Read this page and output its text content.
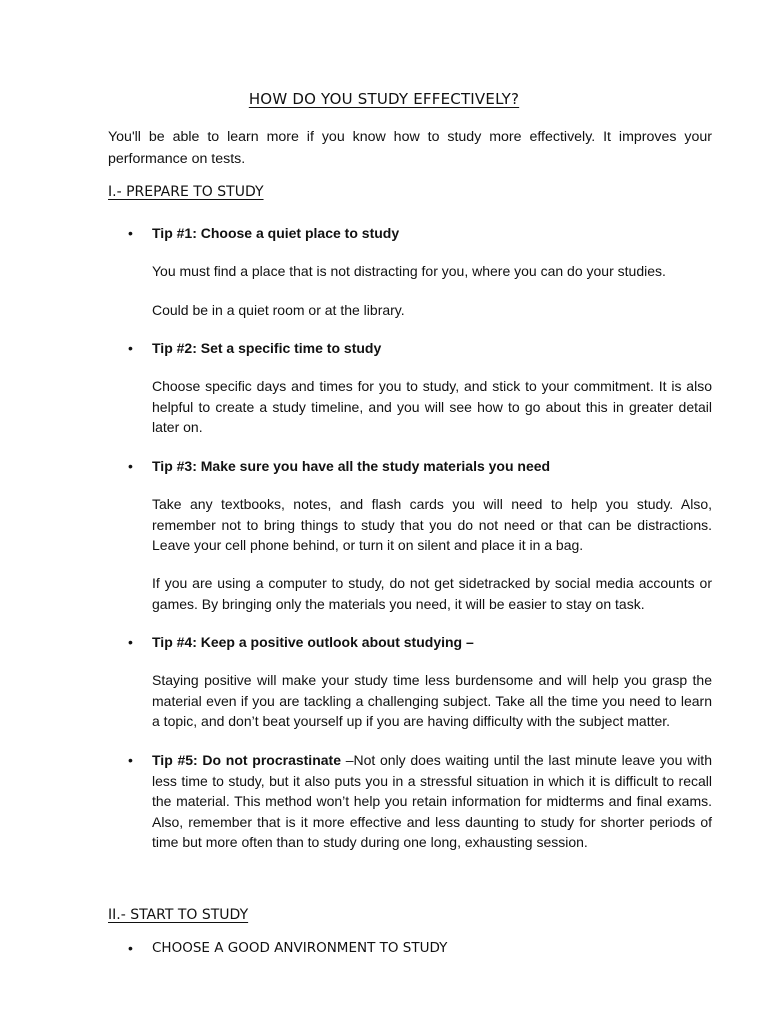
HOW DO YOU STUDY EFFECTIVELY?

You'll be able to learn more if you know how to study more effectively. It improves your performance on tests.

I.- PREPARE TO STUDY

• Tip #1: Choose a quiet place to study

You must find a place that is not distracting for you, where you can do your studies.

Could be in a quiet room or at the library.

• Tip #2: Set a specific time to study

Choose specific days and times for you to study, and stick to your commitment. It is also helpful to create a study timeline, and you will see how to go about this in greater detail later on.

• Tip #3: Make sure you have all the study materials you need

Take any textbooks, notes, and flash cards you will need to help you study. Also, remember not to bring things to study that you do not need or that can be distractions. Leave your cell phone behind, or turn it on silent and place it in a bag.

If you are using a computer to study, do not get sidetracked by social media accounts or games. By bringing only the materials you need, it will be easier to stay on task.

• Tip #4: Keep a positive outlook about studying –

Staying positive will make your study time less burdensome and will help you grasp the material even if you are tackling a challenging subject. Take all the time you need to learn a topic, and don’t beat yourself up if you are having difficulty with the subject matter.

• Tip #5: Do not procrastinate –Not only does waiting until the last minute leave you with less time to study, but it also puts you in a stressful situation in which it is difficult to recall the material. This method won’t help you retain information for midterms and final exams. Also, remember that is it more effective and less daunting to study for shorter periods of time but more often than to study during one long, exhausting session.

II.- START TO STUDY

• CHOOSE A GOOD ANVIRONMENT TO STUDY
